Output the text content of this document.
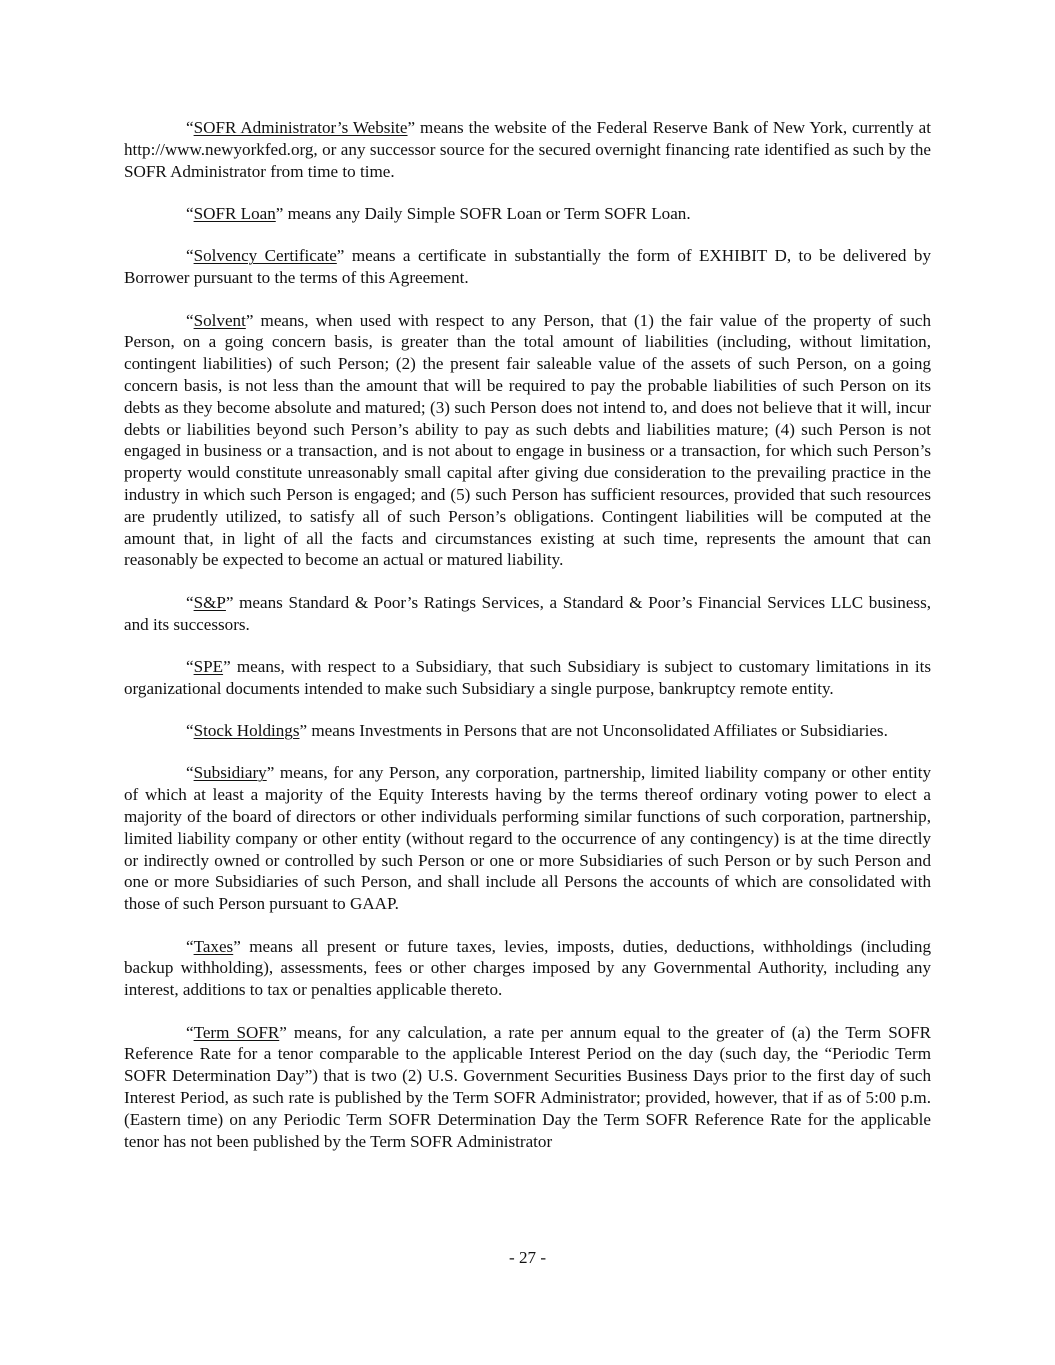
“SOFR Administrator’s Website” means the website of the Federal Reserve Bank of New York, currently at http://www.newyorkfed.org, or any successor source for the secured overnight financing rate identified as such by the SOFR Administrator from time to time.

“SOFR Loan” means any Daily Simple SOFR Loan or Term SOFR Loan.

“Solvency Certificate” means a certificate in substantially the form of EXHIBIT D, to be delivered by Borrower pursuant to the terms of this Agreement.

“Solvent” means, when used with respect to any Person, that (1) the fair value of the property of such Person, on a going concern basis, is greater than the total amount of liabilities (including, without limitation, contingent liabilities) of such Person; (2) the present fair saleable value of the assets of such Person, on a going concern basis, is not less than the amount that will be required to pay the probable liabilities of such Person on its debts as they become absolute and matured; (3) such Person does not intend to, and does not believe that it will, incur debts or liabilities beyond such Person’s ability to pay as such debts and liabilities mature; (4) such Person is not engaged in business or a transaction, and is not about to engage in business or a transaction, for which such Person’s property would constitute unreasonably small capital after giving due consideration to the prevailing practice in the industry in which such Person is engaged; and (5) such Person has sufficient resources, provided that such resources are prudently utilized, to satisfy all of such Person’s obligations. Contingent liabilities will be computed at the amount that, in light of all the facts and circumstances existing at such time, represents the amount that can reasonably be expected to become an actual or matured liability.

“S&P” means Standard & Poor’s Ratings Services, a Standard & Poor’s Financial Services LLC business, and its successors.

“SPE” means, with respect to a Subsidiary, that such Subsidiary is subject to customary limitations in its organizational documents intended to make such Subsidiary a single purpose, bankruptcy remote entity.

“Stock Holdings” means Investments in Persons that are not Unconsolidated Affiliates or Subsidiaries.

“Subsidiary” means, for any Person, any corporation, partnership, limited liability company or other entity of which at least a majority of the Equity Interests having by the terms thereof ordinary voting power to elect a majority of the board of directors or other individuals performing similar functions of such corporation, partnership, limited liability company or other entity (without regard to the occurrence of any contingency) is at the time directly or indirectly owned or controlled by such Person or one or more Subsidiaries of such Person or by such Person and one or more Subsidiaries of such Person, and shall include all Persons the accounts of which are consolidated with those of such Person pursuant to GAAP.

“Taxes” means all present or future taxes, levies, imposts, duties, deductions, withholdings (including backup withholding), assessments, fees or other charges imposed by any Governmental Authority, including any interest, additions to tax or penalties applicable thereto.

“Term SOFR” means, for any calculation, a rate per annum equal to the greater of (a) the Term SOFR Reference Rate for a tenor comparable to the applicable Interest Period on the day (such day, the “Periodic Term SOFR Determination Day”) that is two (2) U.S. Government Securities Business Days prior to the first day of such Interest Period, as such rate is published by the Term SOFR Administrator; provided, however, that if as of 5:00 p.m. (Eastern time) on any Periodic Term SOFR Determination Day the Term SOFR Reference Rate for the applicable tenor has not been published by the Term SOFR Administrator

- 27 -
